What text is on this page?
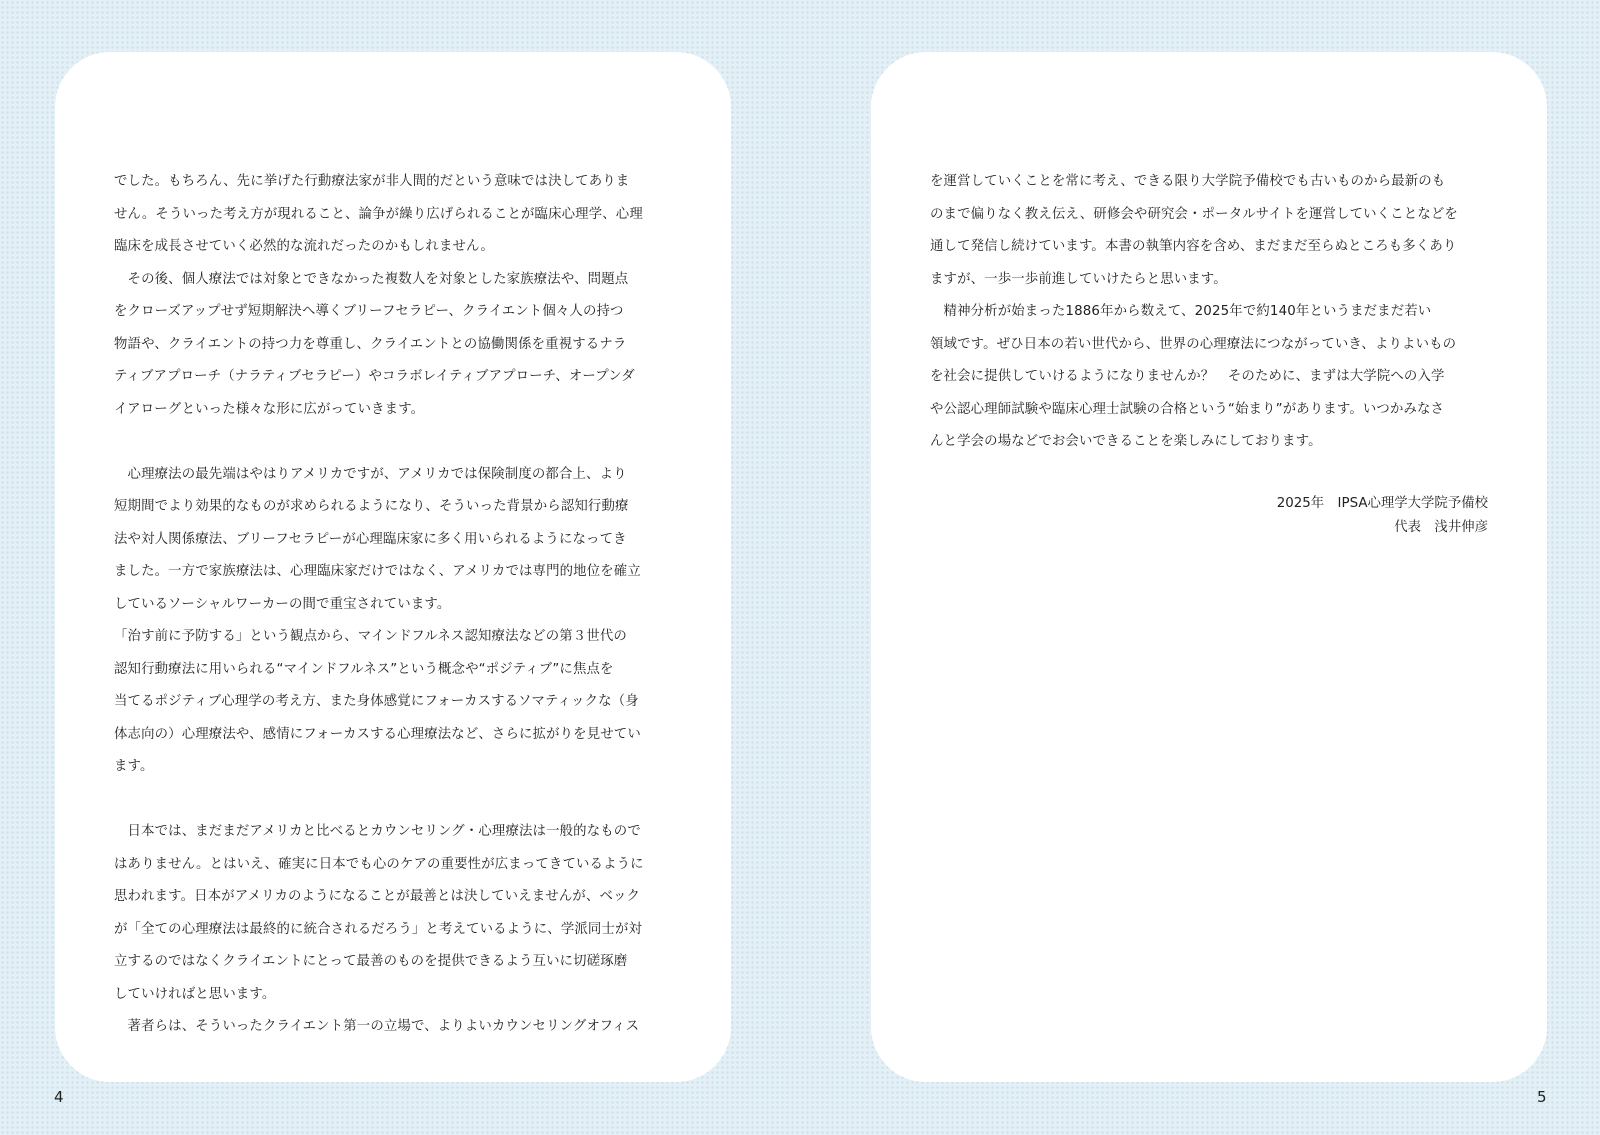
でした。もちろん、先に挙げた行動療法家が非人間的だという意味では決してありま
せん。そういった考え方が現れること、論争が繰り広げられることが臨床心理学、心理
臨床を成長させていく必然的な流れだったのかもしれません。
　その後、個人療法では対象とできなかった複数人を対象とした家族療法や、問題点
をクローズアップせず短期解決へ導くブリーフセラピー、クライエント個々人の持つ
物語や、クライエントの持つ力を尊重し、クライエントとの協働関係を重視するナラ
ティブアプローチ（ナラティブセラピー）やコラボレイティブアプローチ、オープンダ
イアローグといった様々な形に広がっていきます。
　心理療法の最先端はやはりアメリカですが、アメリカでは保険制度の都合上、より
短期間でより効果的なものが求められるようになり、そういった背景から認知行動療
法や対人関係療法、ブリーフセラピーが心理臨床家に多く用いられるようになってき
ました。一方で家族療法は、心理臨床家だけではなく、アメリカでは専門的地位を確立
しているソーシャルワーカーの間で重宝されています。
「治す前に予防する」という観点から、マインドフルネス認知療法などの第３世代の
認知行動療法に用いられる“マインドフルネス”という概念や“ポジティブ”に焦点を
当てるポジティブ心理学の考え方、また身体感覚にフォーカスするソマティックな（身
体志向の）心理療法や、感情にフォーカスする心理療法など、さらに拡がりを見せてい
ます。
　日本では、まだまだアメリカと比べるとカウンセリング・心理療法は一般的なもので
はありません。とはいえ、確実に日本でも心のケアの重要性が広まってきているように
思われます。日本がアメリカのようになることが最善とは決していえませんが、ベック
が「全ての心理療法は最終的に統合されるだろう」と考えているように、学派同士が対
立するのではなくクライエントにとって最善のものを提供できるよう互いに切磋琢磨
していければと思います。
　著者らは、そういったクライエント第一の立場で、よりよいカウンセリングオフィス
を運営していくことを常に考え、できる限り大学院予備校でも古いものから最新のも
のまで偏りなく教え伝え、研修会や研究会・ポータルサイトを運営していくことなどを
通して発信し続けています。本書の執筆内容を含め、まだまだ至らぬところも多くあり
ますが、一歩一歩前進していけたらと思います。
　精神分析が始まった1886年から数えて、2025年で約140年というまだまだ若い
領域です。ぜひ日本の若い世代から、世界の心理療法につながっていき、よりよいもの
を社会に提供していけるようになりませんか？　そのために、まずは大学院への入学
や公認心理師試験や臨床心理士試験の合格という“始まり”があります。いつかみなさ
んと学会の場などでお会いできることを楽しみにしております。
2025年　IPSA心理学大学院予備校
代表　浅井伸彦
4	5
